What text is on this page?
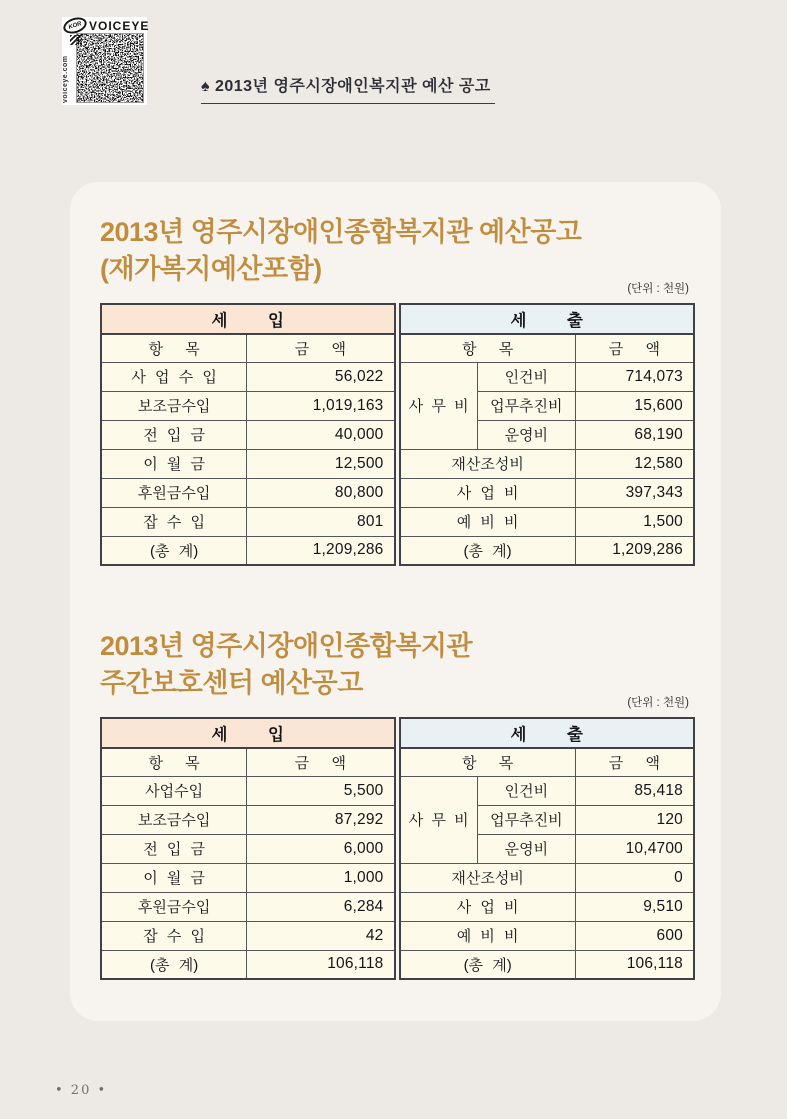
KOR VOICEYE
voiceye.com	♠ 2013년 영주시장애인복지관 예산 공고
2013년 영주시장애인종합복지관 예산공고
(재가복지예산포함)
(단위 : 천원)
세 입	
항 목	금 액
사 업 수 입	56,022
보조금수입	1,019,163
전 입 금	40,000
이 월 금	12,500
후원금수입	80,800
잡 수 입	801
(총 계)	1,209,286
세 출		
항 목		금 액
사 무 비	인건비	714,073
	업무추진비	15,600
	운영비	68,190
재산조성비		12,580
사 업 비		397,343
예 비 비		1,500
(총 계)		1,209,286
2013년 영주시장애인종합복지관
주간보호센터 예산공고
(단위 : 천원)
세 입	
항 목	금 액
사업수입	5,500
보조금수입	87,292
전 입 금	6,000
이 월 금	1,000
후원금수입	6,284
잡 수 입	42
(총 계)	106,118
세 출		
항 목		금 액
사 무 비	인건비	85,418
	업무추진비	120
	운영비	10,4700
재산조성비		0
사 업 비		9,510
예 비 비		600
(총 계)		106,118
• 20 •
